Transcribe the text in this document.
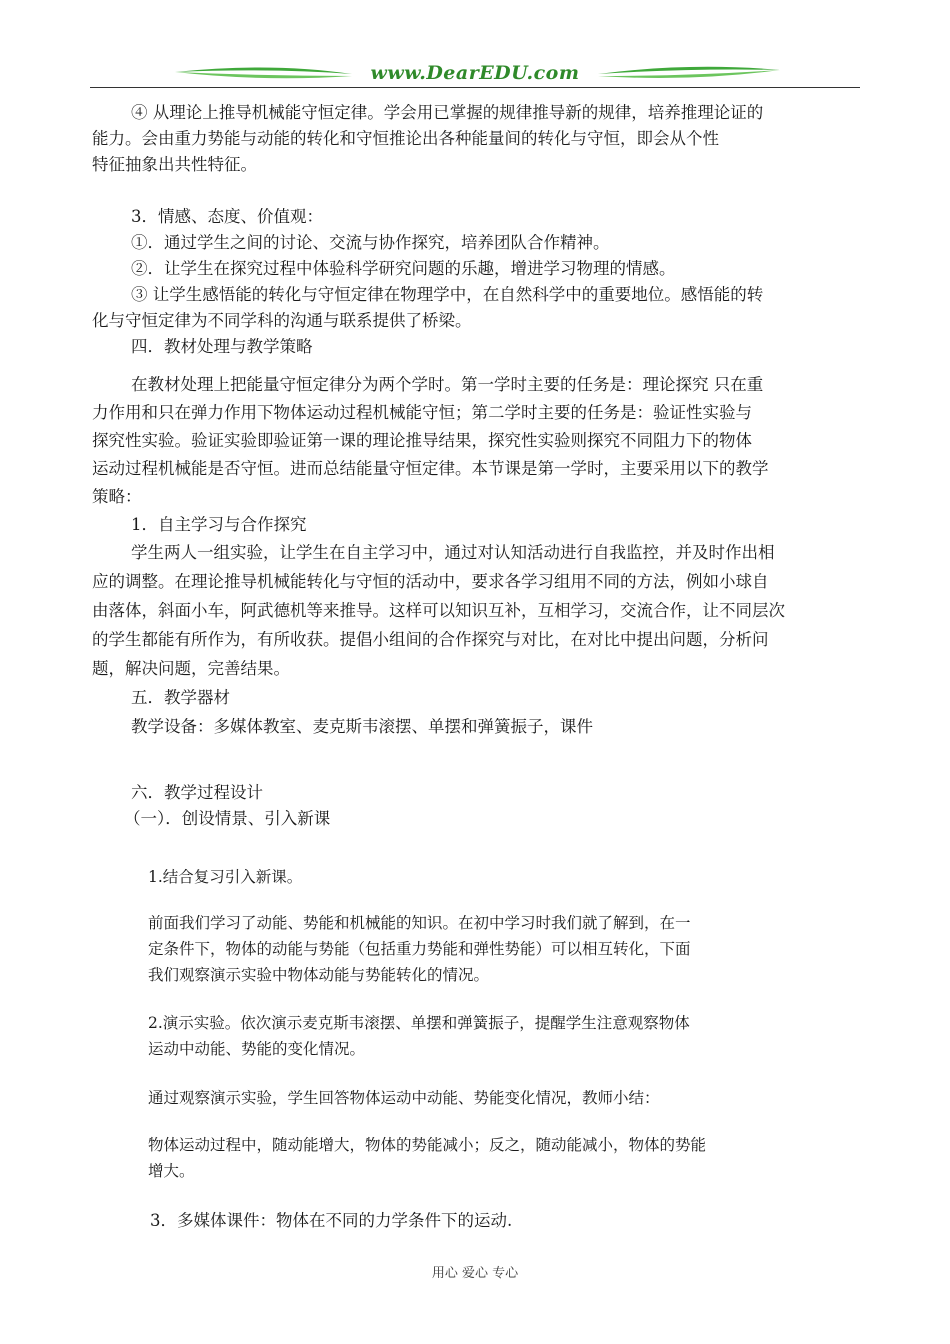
www.DearEDU.com
④ 从理论上推导机械能守恒定律。学会用已掌握的规律推导新的规律，培养推理论证的
能力。会由重力势能与动能的转化和守恒推论出各种能量间的转化与守恒，即会从个性
特征抽象出共性特征。
3．情感、态度、价值观：
①．通过学生之间的讨论、交流与协作探究，培养团队合作精神。
②．让学生在探究过程中体验科学研究问题的乐趣，增进学习物理的情感。
③ 让学生感悟能的转化与守恒定律在物理学中，在自然科学中的重要地位。感悟能的转
化与守恒定律为不同学科的沟通与联系提供了桥梁。
四．教材处理与教学策略
在教材处理上把能量守恒定律分为两个学时。第一学时主要的任务是：理论探究 只在重
力作用和只在弹力作用下物体运动过程机械能守恒；第二学时主要的任务是：验证性实验与
探究性实验。验证实验即验证第一课的理论推导结果，探究性实验则探究不同阻力下的物体
运动过程机械能是否守恒。进而总结能量守恒定律。本节课是第一学时，主要采用以下的教学
策略：
1．自主学习与合作探究
学生两人一组实验，让学生在自主学习中，通过对认知活动进行自我监控，并及时作出相
应的调整。在理论推导机械能转化与守恒的活动中，要求各学习组用不同的方法，例如小球自
由落体，斜面小车，阿武德机等来推导。这样可以知识互补，互相学习，交流合作，让不同层次
的学生都能有所作为，有所收获。提倡小组间的合作探究与对比，在对比中提出问题，分析问
题，解决问题，完善结果。
五．教学器材
教学设备：多媒体教室、麦克斯韦滚摆、单摆和弹簧振子，课件
六．教学过程设计
（一）．创设情景、引入新课
1.结合复习引入新课。
前面我们学习了动能、势能和机械能的知识。在初中学习时我们就了解到，在一
定条件下，物体的动能与势能（包括重力势能和弹性势能）可以相互转化，下面
我们观察演示实验中物体动能与势能转化的情况。
2.演示实验。依次演示麦克斯韦滚摆、单摆和弹簧振子，提醒学生注意观察物体
运动中动能、势能的变化情况。
通过观察演示实验，学生回答物体运动中动能、势能变化情况，教师小结：
物体运动过程中，随动能增大，物体的势能减小；反之，随动能减小，物体的势能
增大。
3．多媒体课件：物体在不同的力学条件下的运动.
用心 爱心 专心
